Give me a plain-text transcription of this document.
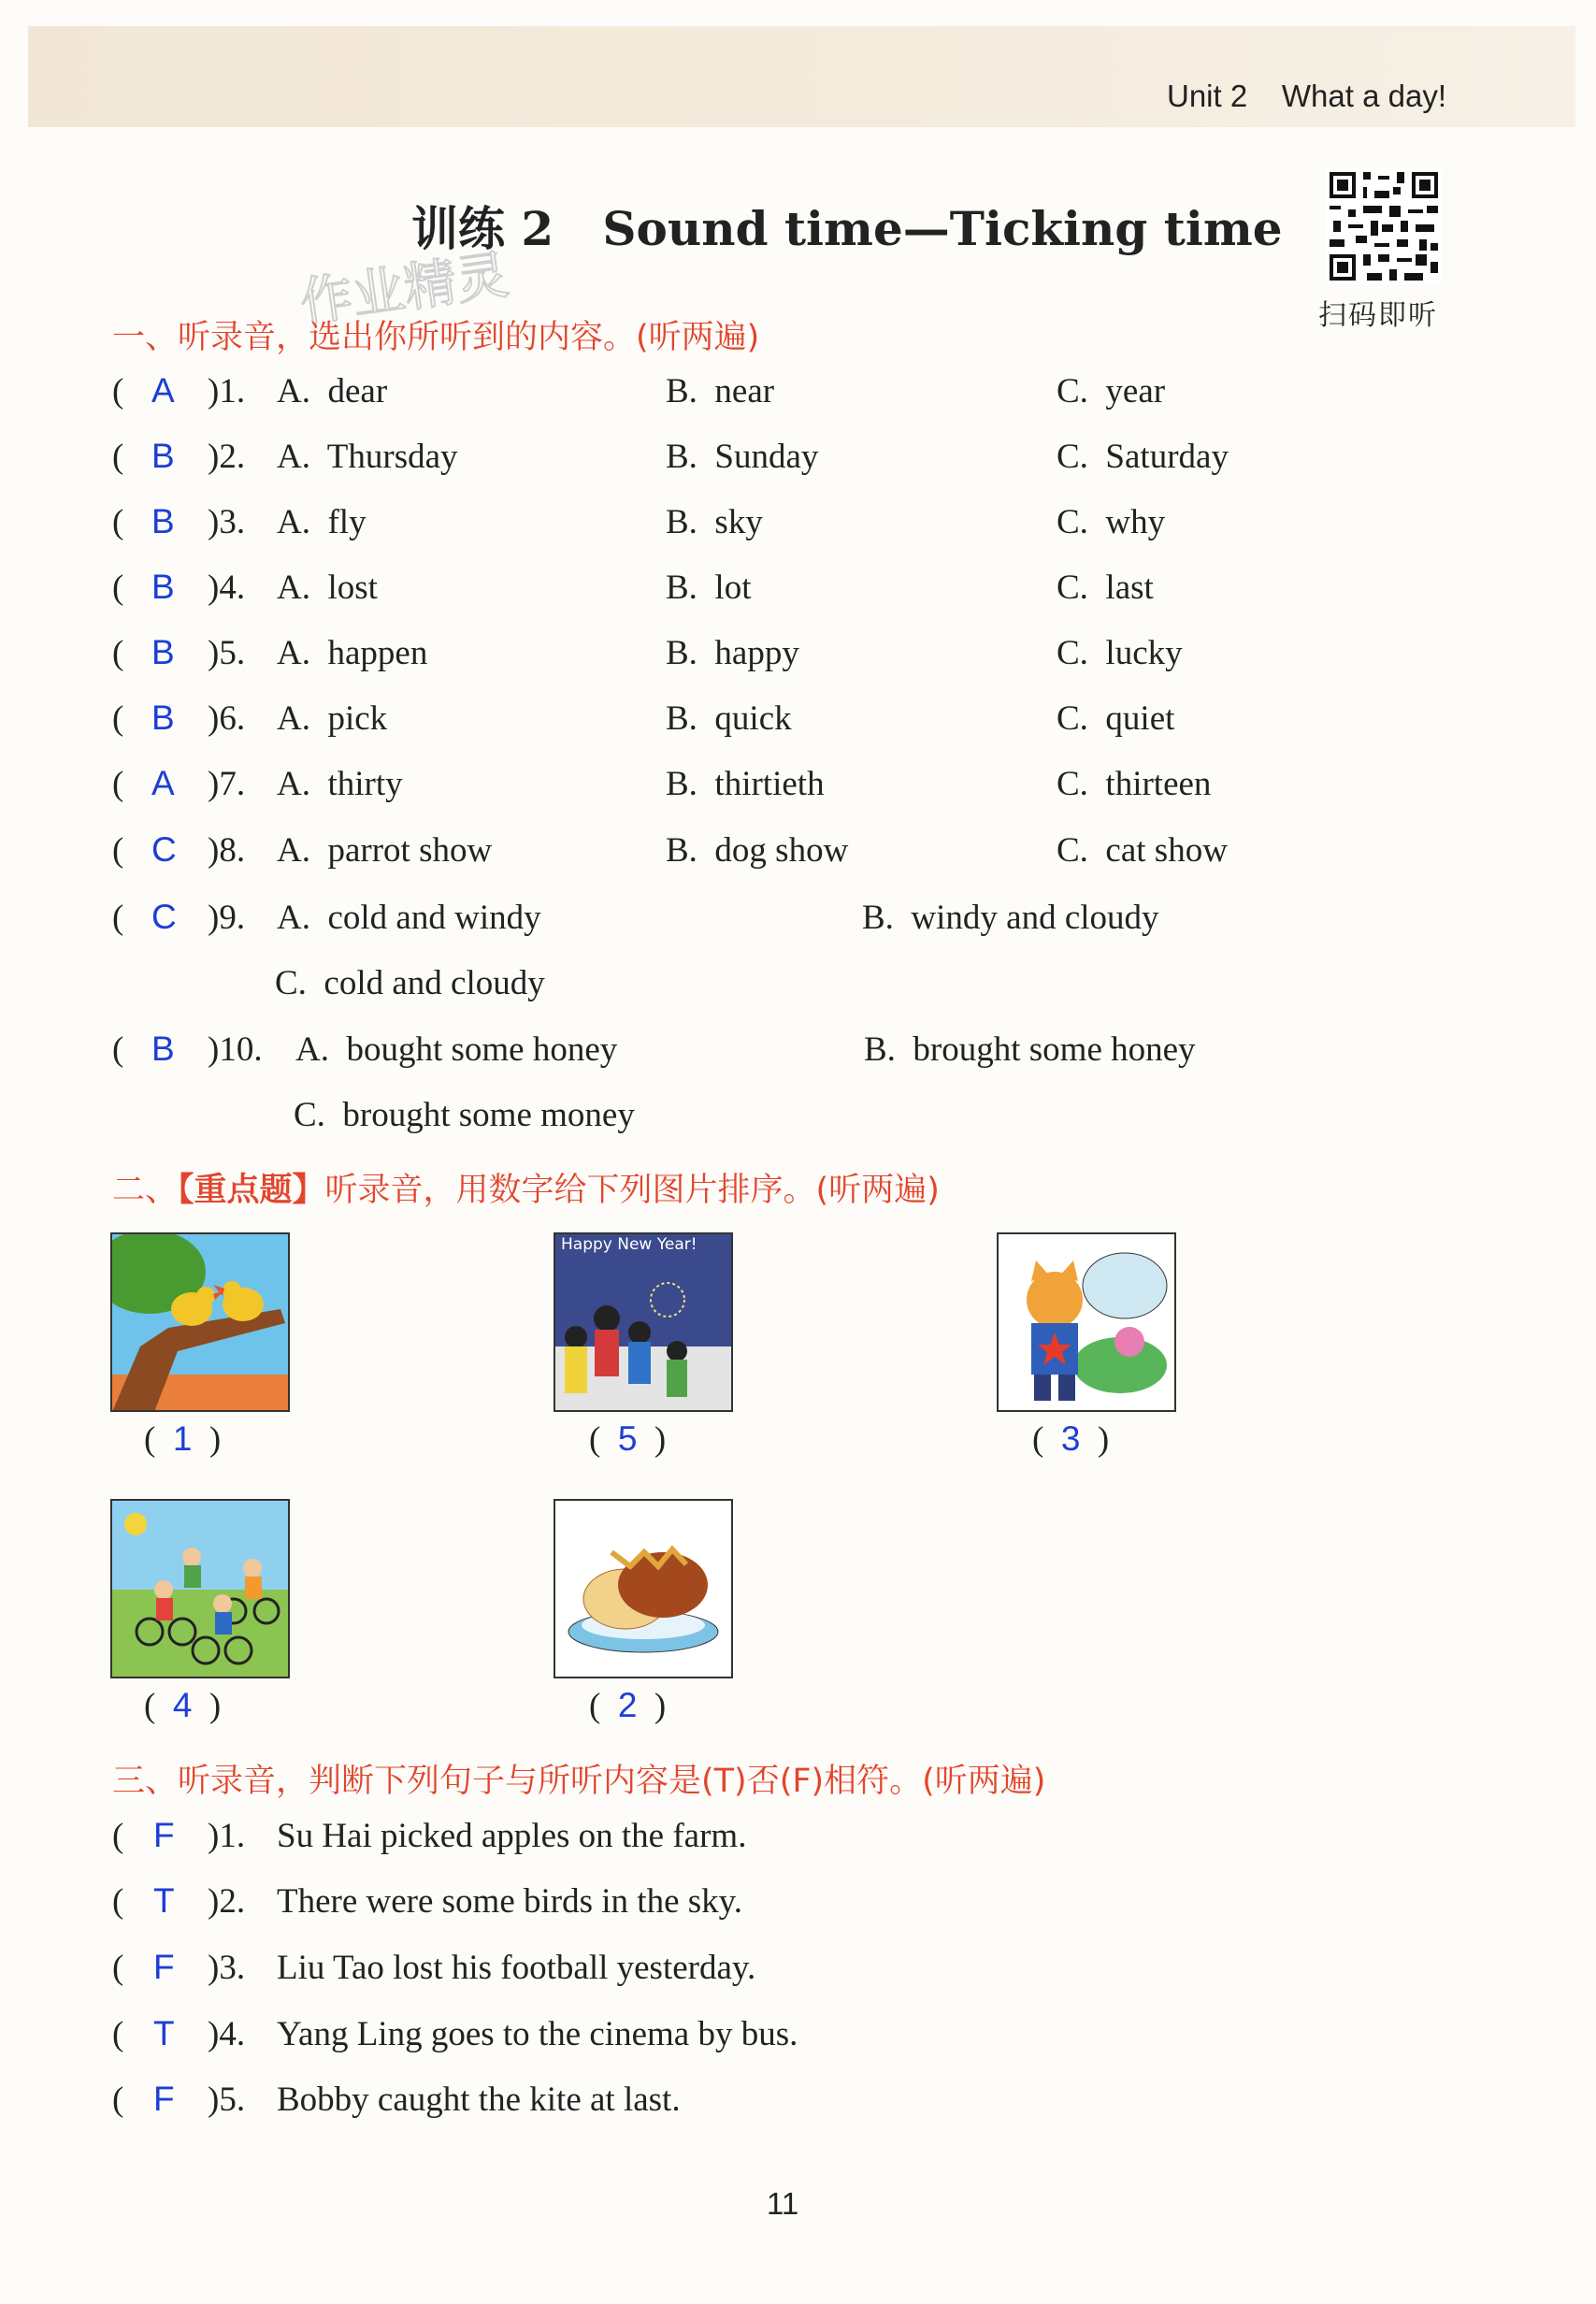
Unit 2 What a day!
训练 2   Sound time—Ticking time
扫码即听
作业精灵
一、听录音，选出你所听到的内容。(听两遍)
( A )1. A.  dear	B.  near	C.  year
( B )2. A.  Thursday	B.  Sunday	C.  Saturday
( B )3. A.  fly	B.  sky	C.  why
( B )4. A.  lost	B.  lot	C.  last
( B )5. A.  happen	B.  happy	C.  lucky
( B )6. A.  pick	B.  quick	C.  quiet
( A )7. A.  thirty	B.  thirtieth	C.  thirteen
( C )8. A.  parrot show	B.  dog show	C.  cat show
( C )9. A.  cold and windy	B.  windy and cloudy
C.  cold and cloudy
( B )10. A.  bought some honey	B.  brought some honey
C.  brought some money
二、【重点题】听录音，用数字给下列图片排序。(听两遍)
(  1  )
Happy New Year!
(  5  )	(  3  )
(  4  )	(  2  )
三、听录音，判断下列句子与所听内容是(T)否(F)相符。(听两遍)
( F )1. Su Hai picked apples on the farm.
( T )2. There were some birds in the sky.
( F )3. Liu Tao lost his football yesterday.
( T )4. Yang Ling goes to the cinema by bus.
( F )5. Bobby caught the kite at last.
11
